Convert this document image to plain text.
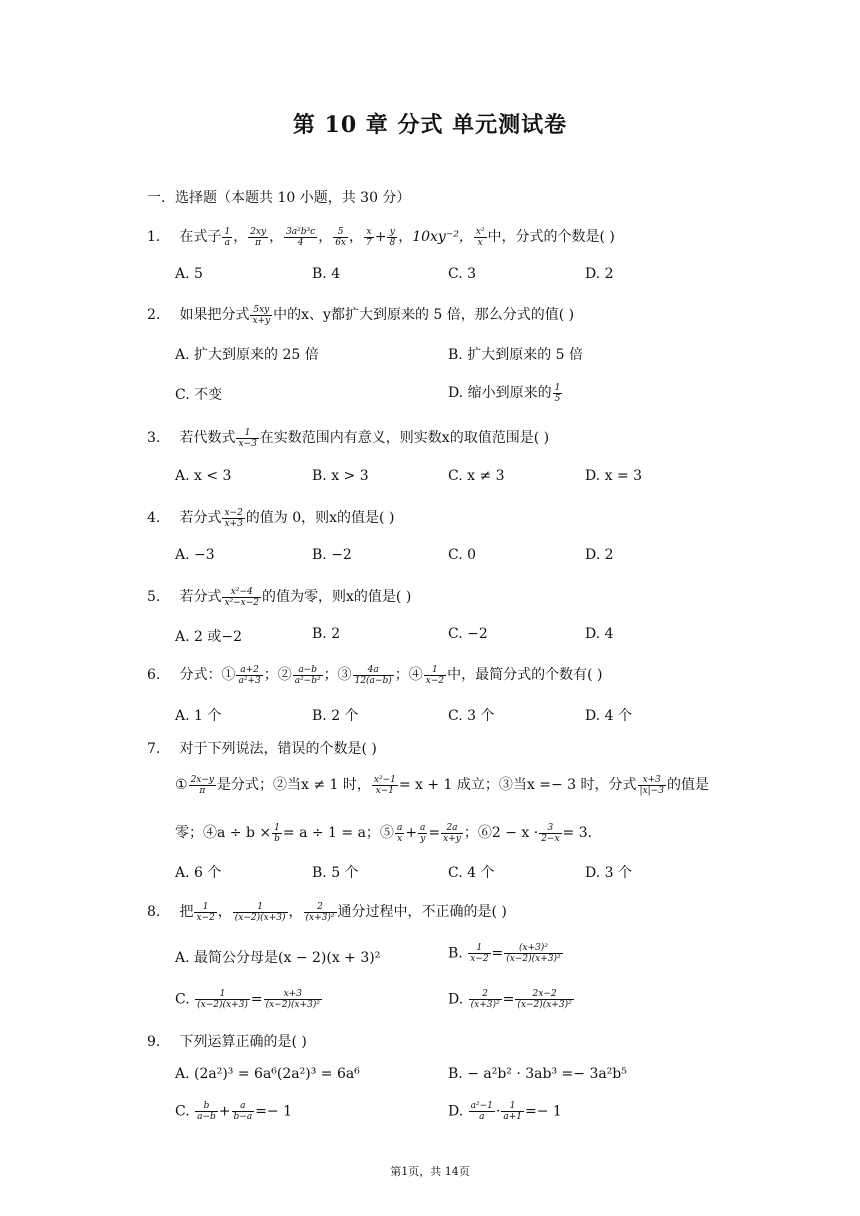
第 10 章 分式 单元测试卷
一．选择题（本题共 10 小题，共 30 分）
1. 在式子 $\frac{1}{a}$ ， $\frac{2xy}{\pi}$ ， $\frac{\text{3a²b³c}}{4}$ ， $\frac{5}{6x}$ ， $\frac{x}{7} + \frac{y}{8}$ ，10xy⁻²， $\frac{\text{x²}}{x}$ 中，分式的个数是( )
A. 5	B. 4	C. 3	D. 2
2. 如果把分式 $\frac{5xy}{x+y}$ 中的x、y都扩大到原来的 5 倍，那么分式的值( )
A. 扩大到原来的 25 倍	B. 扩大到原来的 5 倍
C. 不变	D. 缩小到原来的 $\frac{1}{5}$
3. 若代数式 $\frac{1}{x-3}$ 在实数范围内有意义，则实数x的取值范围是( )
A. x < 3	B. x > 3	C. x ≠ 3	D. x = 3
4. 若分式 $\frac{x-2}{x+3}$ 的值为 0，则x的值是( )
A. −3	B. −2	C. 0	D. 2
5. 若分式 $\frac{\text{x²−4}}{\text{x²−x−2}}$ 的值为零，则x的值是( )
A. 2 或−2	B. 2	C. −2	D. 4
6. 分式：① $\frac{a+2}{\text{a²+3}}$ ；② $\frac{a-b}{\text{a²−b²}}$ ；③ $\frac{4a}{12(a-b)}$ ；④ $\frac{1}{x-2}$ 中，最简分式的个数有( )
A. 1 个	B. 2 个	C. 3 个	D. 4 个
7. 对于下列说法，错误的个数是( )
① $\frac{2x-y}{\pi}$ 是分式；②当x ≠ 1 时， $\frac{\text{x²−1}}{x-1} = x + 1$ 成立；③当x =− 3 时，分式 $\frac{x+3}{|x|-3}$ 的值是
零；④a ÷ $b \times \frac{1}{b} = a \div 1 = a$；⑤ $\frac{a}{x} + \frac{a}{y} = \frac{2a}{x+y}$ ；⑥2 − $x \cdot \frac{3}{2-x} = 3$．
A. 6 个	B. 5 个	C. 4 个	D. 3 个
8. 把 $\frac{1}{x-2}$ ， $\frac{1}{(x-2)(x+3)}$ ， $\frac{2}{\text{(x+3)²}}$ 通分过程中，不正确的是( )
A. 最简公分母是(x − 2)(x + 3)²	B. $\frac{1}{x-2} = \frac{\text{(x+3)²}}{\text{(x−2)(x+3)²}}$
C. $\frac{1}{(x-2)(x+3)} = \frac{x+3}{\text{(x−2)(x+3)²}}$	D. $\frac{2}{\text{(x+3)²}} = \frac{2x-2}{\text{(x−2)(x+3)²}}$
9. 下列运算正确的是( )
A. (2a²)³ = 6a⁶(2a²)³ = 6a⁶	B. − a²b² · 3ab³ =− 3a²b⁵
C. $\frac{b}{a-b} + \frac{a}{b-a} =- 1$	D. $\frac{\text{a²−1}}{a} \cdot \frac{1}{a+1} =- 1$
第1页，共 14页
